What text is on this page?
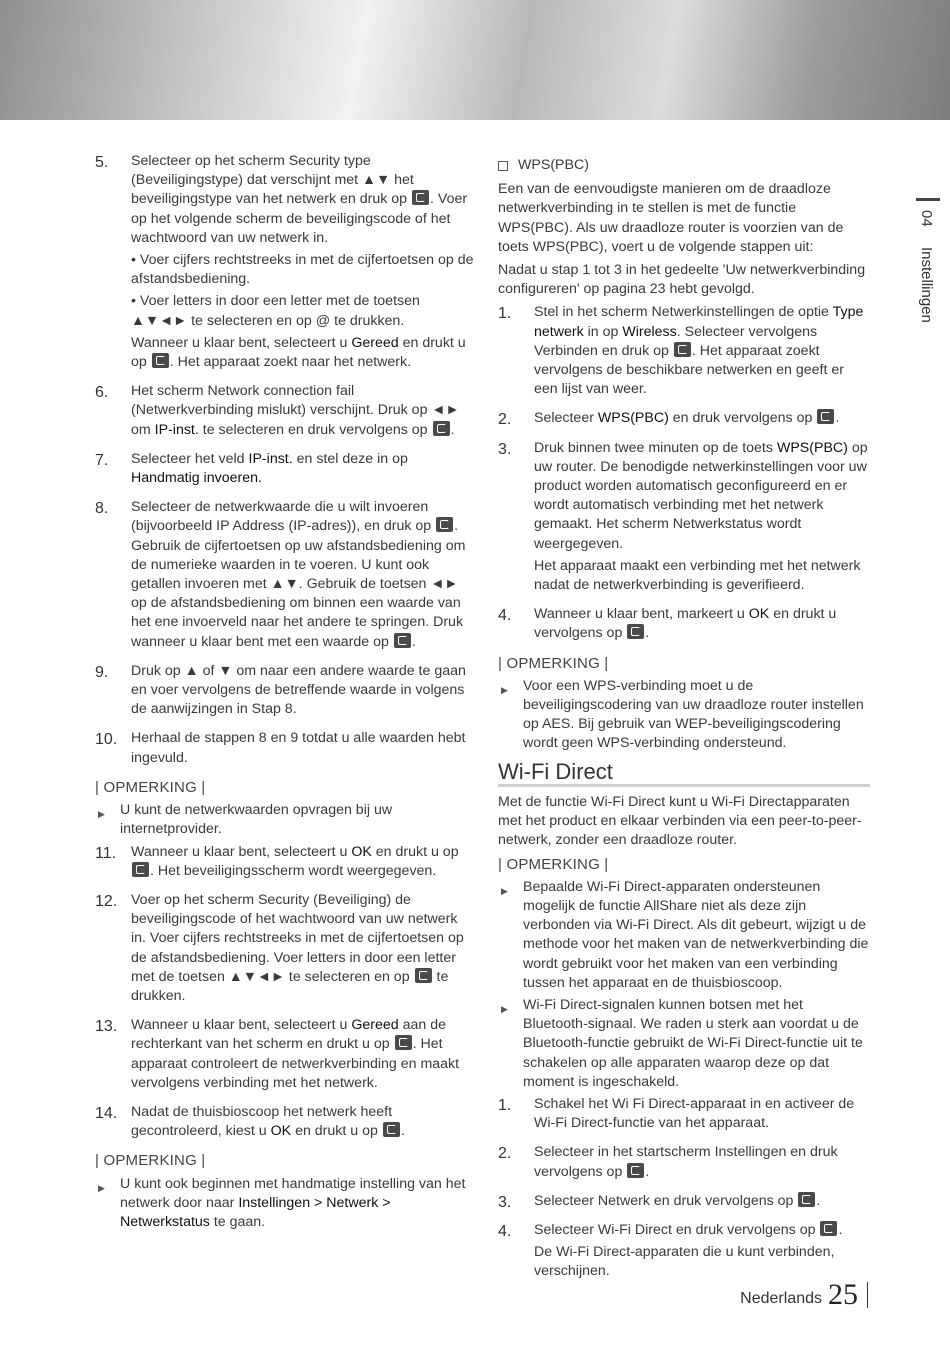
5.	Selecteer op het scherm Security type (Beveiligingstype) dat verschijnt met ▲▼ het beveiligingstype van het netwerk en druk op . Voer op het volgende scherm de beveiligingscode of het wachtwoord van uw netwerk in.

• Voer cijfers rechtstreeks in met de cijfertoetsen op de afstandsbediening.

• Voer letters in door een letter met de toetsen ▲▼◄► te selecteren en op @ te drukken.

Wanneer u klaar bent, selecteert u Gereed en drukt u op . Het apparaat zoekt naar het netwerk.

6.	Het scherm Network connection fail (Netwerkverbinding mislukt) verschijnt. Druk op ◄► om IP-inst. te selecteren en druk vervolgens op .

7.	Selecteer het veld IP-inst. en stel deze in op Handmatig invoeren.

8.	Selecteer de netwerkwaarde die u wilt invoeren (bijvoorbeeld IP Address (IP-adres)), en druk op . Gebruik de cijfertoetsen op uw afstandsbediening om de numerieke waarden in te voeren. U kunt ook getallen invoeren met ▲▼. Gebruik de toetsen ◄► op de afstandsbediening om binnen een waarde van het ene invoerveld naar het andere te springen. Druk wanneer u klaar bent met een waarde op .

9.	Druk op ▲ of ▼ om naar een andere waarde te gaan en voer vervolgens de betreffende waarde in volgens de aanwijzingen in Stap 8.

10. Herhaal de stappen 8 en 9 totdat u alle waarden hebt ingevuld.

| OPMERKING |
▶	U kunt de netwerkwaarden opvragen bij uw internetprovider.
11.	Wanneer u klaar bent, selecteert u OK en drukt u op . Het beveiligingsscherm wordt weergegeven.

12. Voer op het scherm Security (Beveiliging) de beveiligingscode of het wachtwoord van uw netwerk in. Voer cijfers rechtstreeks in met de cijfertoetsen op de afstandsbediening. Voer letters in door een letter met de toetsen ▲▼◄► te selecteren en op te drukken.

13. Wanneer u klaar bent, selecteert u Gereed aan de rechterkant van het scherm en drukt u op . Het apparaat controleert de netwerkverbinding en maakt vervolgens verbinding met het netwerk.

14. Nadat de thuisbioscoop het netwerk heeft gecontroleerd, kiest u OK en drukt u op .

| OPMERKING |
▶	U kunt ook beginnen met handmatige instelling van het netwerk door naar Instellingen > Netwerk > Netwerkstatus te gaan.
WPS(PBC)

Een van de eenvoudigste manieren om de draadloze netwerkverbinding in te stellen is met de functie WPS(PBC). Als uw draadloze router is voorzien van de toets WPS(PBC), voert u de volgende stappen uit:

Nadat u stap 1 tot 3 in het gedeelte 'Uw netwerkverbinding configureren' op pagina 23 hebt gevolgd.

1.	Stel in het scherm Netwerkinstellingen de optie Type netwerk in op Wireless. Selecteer vervolgens Verbinden en druk op . Het apparaat zoekt vervolgens de beschikbare netwerken en geeft er een lijst van weer.

2.	Selecteer WPS(PBC) en druk vervolgens op .

3.	Druk binnen twee minuten op de toets WPS(PBC) op uw router. De benodigde netwerkinstellingen voor uw product worden automatisch geconfigureerd en er wordt automatisch verbinding met het netwerk gemaakt. Het scherm Netwerkstatus wordt weergegeven.

Het apparaat maakt een verbinding met het netwerk nadat de netwerkverbinding is geverifieerd.

4.	Wanneer u klaar bent, markeert u OK en drukt u vervolgens op .

| OPMERKING |
▶	Voor een WPS-verbinding moet u de beveiligingscodering van uw draadloze router instellen op AES. Bij gebruik van WEP-beveiligingscodering wordt geen WPS-verbinding ondersteund.
Wi-Fi Direct

Met de functie Wi-Fi Direct kunt u Wi-Fi Directapparaten met het product en elkaar verbinden via een peer-to-peer-netwerk, zonder een draadloze router.

| OPMERKING |
▶	Bepaalde Wi-Fi Direct-apparaten ondersteunen mogelijk de functie AllShare niet als deze zijn verbonden via Wi-Fi Direct. Als dit gebeurt, wijzigt u de methode voor het maken van de netwerkverbinding die wordt gebruikt voor het maken van een verbinding tussen het apparaat en de thuisbioscoop.
▶	Wi-Fi Direct-signalen kunnen botsen met het Bluetooth-signaal. We raden u sterk aan voordat u de Bluetooth-functie gebruikt de Wi-Fi Direct-functie uit te schakelen op alle apparaten waarop deze op dat moment is ingeschakeld.
1.	Schakel het Wi Fi Direct-apparaat in en activeer de Wi-Fi Direct-functie van het apparaat.

2.	Selecteer in het startscherm Instellingen en druk vervolgens op .

3.	Selecteer Netwerk en druk vervolgens op .

4.	Selecteer Wi-Fi Direct en druk vervolgens op .

De Wi-Fi Direct-apparaten die u kunt verbinden, verschijnen.

04 Instellingen
Nederlands 25
